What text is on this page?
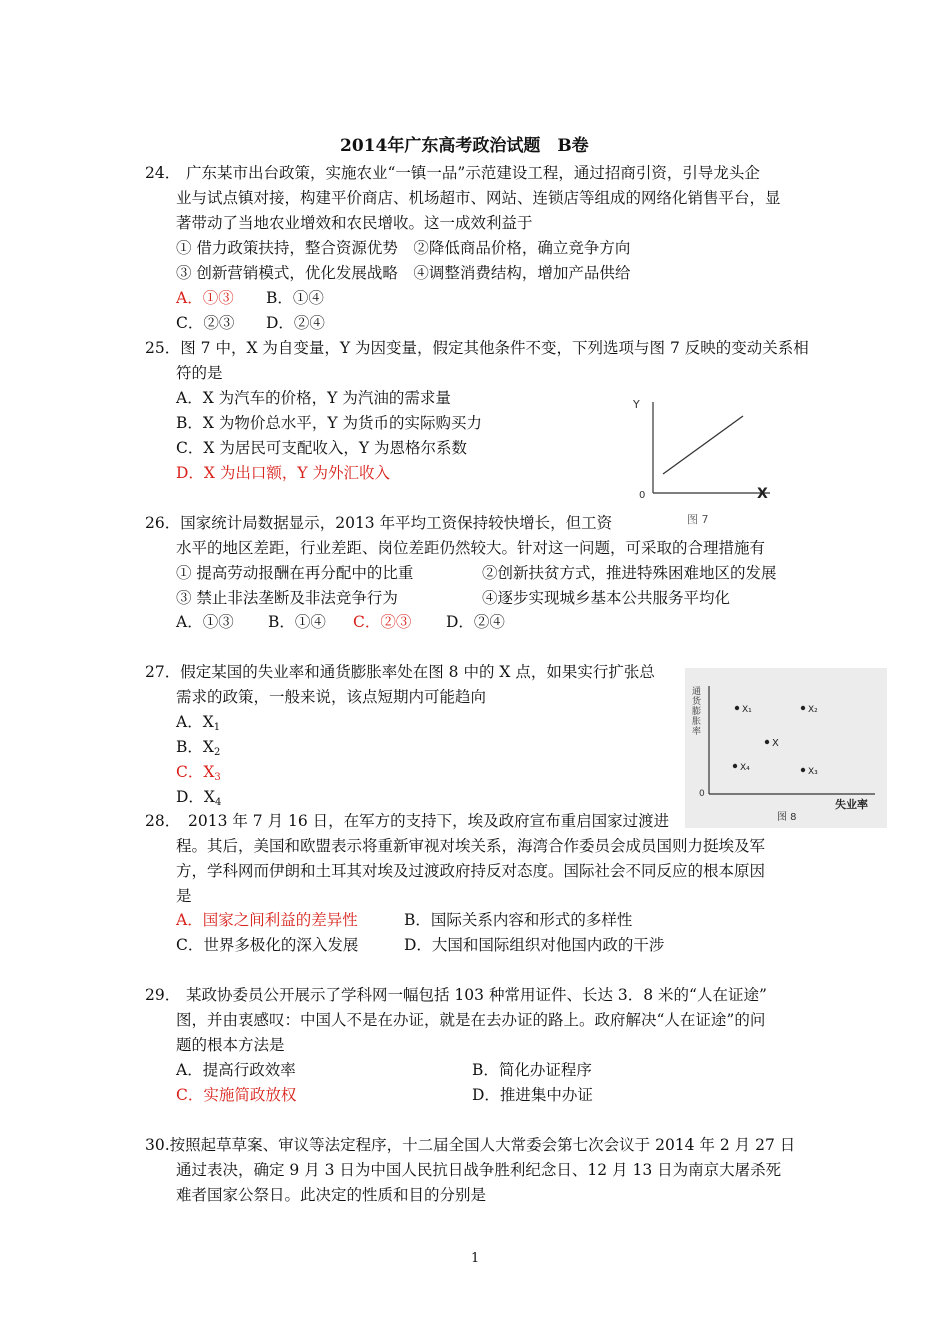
2014年广东高考政治试题　B卷
24． 广东某市出台政策，实施农业“一镇一品”示范建设工程，通过招商引资，引导龙头企
业与试点镇对接，构建平价商店、机场超市、网站、连锁店等组成的网络化销售平台，显
著带动了当地农业增效和农民增收。这一成效利益于
① 借力政策扶持，整合资源优势　②降低商品价格，确立竞争方向
③ 创新营销模式，优化发展战略　④调整消费结构，增加产品供给
A．①③ B．①④
C．②③ D．②④
25．图 7 中，X 为自变量，Y 为因变量，假定其他条件不变，下列选项与图 7 反映的变动关系相
符的是
A．X 为汽车的价格，Y 为汽油的需求量
B．X 为物价总水平，Y 为货币的实际购买力
C．X 为居民可支配收入，Y 为恩格尔系数
D．X 为出口额，Y 为外汇收入
Y
0	X
图 7
26．国家统计局数据显示，2013 年平均工资保持较快增长，但工资
水平的地区差距，行业差距、岗位差距仍然较大。针对这一问题，可采取的合理措施有
① 提高劳动报酬在再分配中的比重	②创新扶贫方式，推进特殊困难地区的发展
③ 禁止非法垄断及非法竞争行为	④逐步实现城乡基本公共服务平均化
A．①③ B．①④ C．②③ D．②④
27．假定某国的失业率和通货膨胀率处在图 8 中的 X 点，如果实行扩张总
需求的政策，一般来说，该点短期内可能趋向
A．$X_1$
B．$X_2$
C．$X_3$
D．$X_4$
通货膨胀率
0
失业率
图 8
X₁	X₂
X
X₄	X₃
28． 2013 年 7 月 16 日，在军方的支持下，埃及政府宣布重启国家过渡进
程。其后，美国和欧盟表示将重新审视对埃关系，海湾合作委员会成员国则力挺埃及军
方，学科网而伊朗和土耳其对埃及过渡政府持反对态度。国际社会不同反应的根本原因
是
A．国家之间利益的差异性	B．国际关系内容和形式的多样性
C．世界多极化的深入发展	D．大国和国际组织对他国内政的干涉
29． 某政协委员公开展示了学科网一幅包括 103 种常用证件、长达 3．8 米的“人在证途”
图，并由衷感叹：中国人不是在办证，就是在去办证的路上。政府解决“人在证途”的问
题的根本方法是
A．提高行政效率	B．简化办证程序
C．实施简政放权	D．推进集中办证
30.按照起草草案、审议等法定程序，十二届全国人大常委会第七次会议于 2014 年 2 月 27 日
通过表决，确定 9 月 3 日为中国人民抗日战争胜利纪念日、12 月 13 日为南京大屠杀死
难者国家公祭日。此决定的性质和目的分别是
1
